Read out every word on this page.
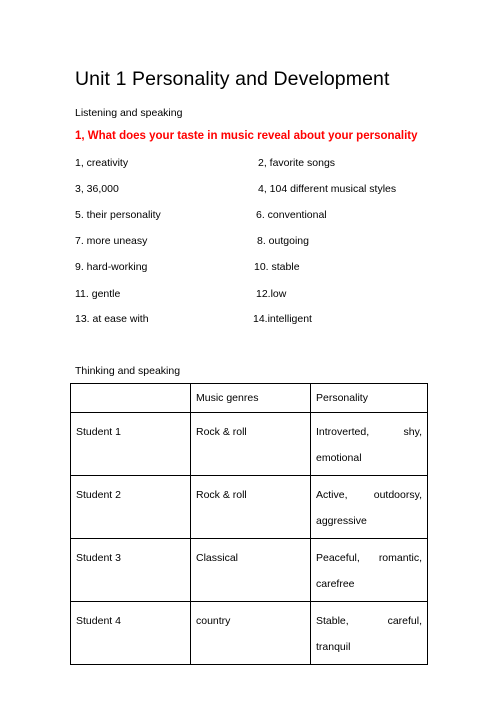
Unit 1 Personality and Development
Listening and speaking
1, What does your taste in music reveal about your personality
1, creativity	2, favorite songs
3, 36,000	4, 104 different musical styles
5. their personality	6. conventional
7. more uneasy	8. outgoing
9. hard-working	10. stable
11. gentle	12.low
13. at ease with	14.intelligent
Thinking and speaking
	Music genres	Personality
Student 1	Rock & roll	Introverted, shy,
emotional

Student 2	Rock & roll	Active, outdoorsy,
aggressive

Student 3	Classical	Peaceful, romantic,
carefree

Student 4	country	Stable, careful,
tranquil
